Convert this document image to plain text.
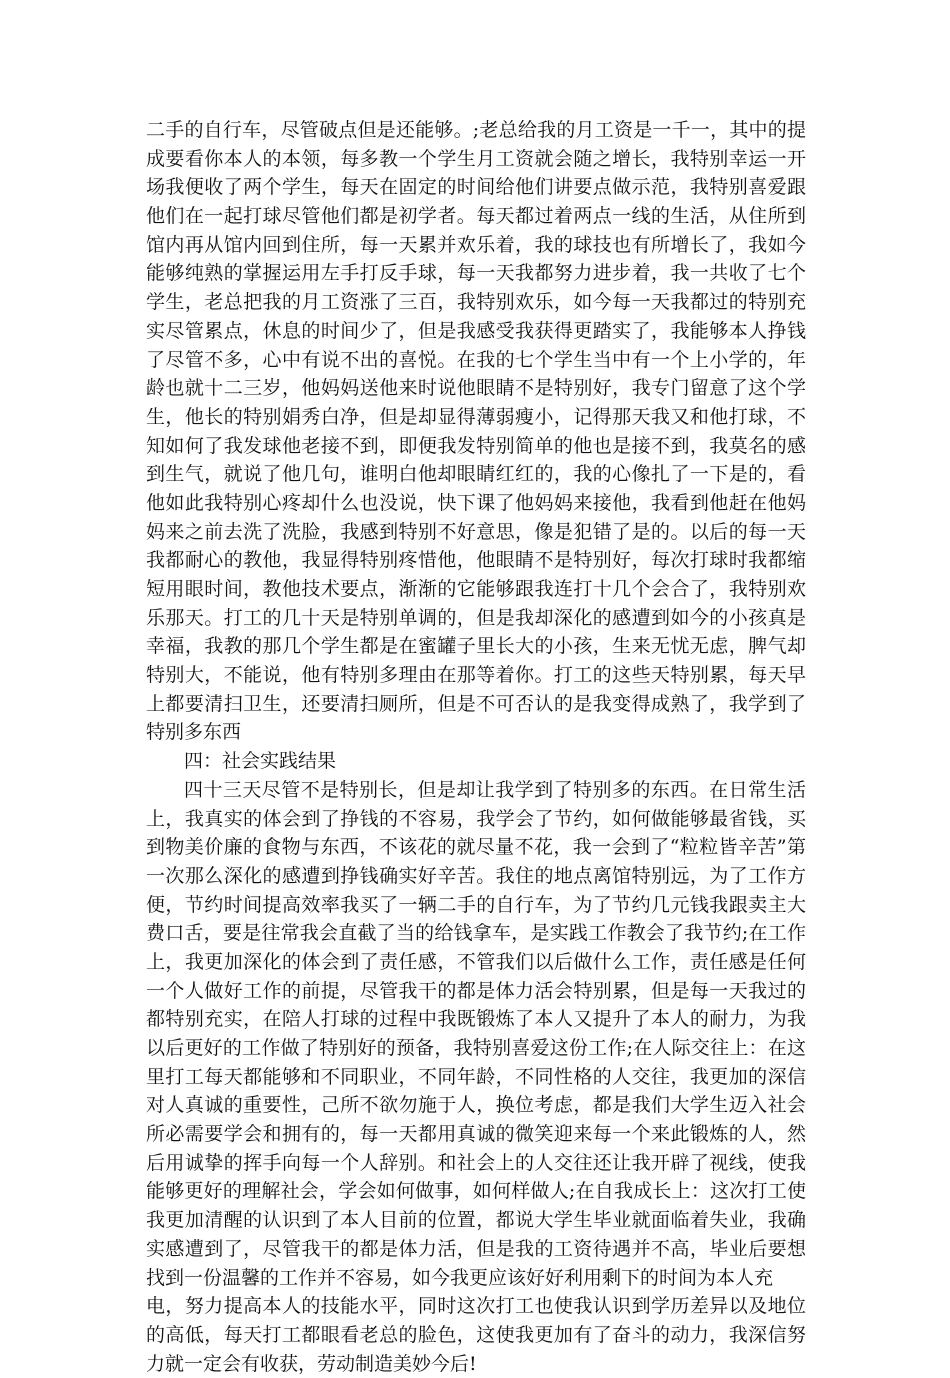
二手的自行车，尽管破点但是还能够。;老总给我的月工资是一千一，其中的提
成要看你本人的本领，每多教一个学生月工资就会随之增长，我特别幸运一开
场我便收了两个学生，每天在固定的时间给他们讲要点做示范，我特别喜爱跟
他们在一起打球尽管他们都是初学者。每天都过着两点一线的生活，从住所到
馆内再从馆内回到住所，每一天累并欢乐着，我的球技也有所增长了，我如今
能够纯熟的掌握运用左手打反手球，每一天我都努力进步着，我一共收了七个
学生，老总把我的月工资涨了三百，我特别欢乐，如今每一天我都过的特别充
实尽管累点，休息的时间少了，但是我感受我获得更踏实了，我能够本人挣钱
了尽管不多，心中有说不出的喜悦。在我的七个学生当中有一个上小学的，年
龄也就十二三岁，他妈妈送他来时说他眼睛不是特别好，我专门留意了这个学
生，他长的特别娟秀白净，但是却显得薄弱瘦小，记得那天我又和他打球，不
知如何了我发球他老接不到，即便我发特别简单的他也是接不到，我莫名的感
到生气，就说了他几句，谁明白他却眼睛红红的，我的心像扎了一下是的，看
他如此我特别心疼却什么也没说，快下课了他妈妈来接他，我看到他赶在他妈
妈来之前去洗了洗脸，我感到特别不好意思，像是犯错了是的。以后的每一天
我都耐心的教他，我显得特别疼惜他，他眼睛不是特别好，每次打球时我都缩
短用眼时间，教他技术要点，渐渐的它能够跟我连打十几个会合了，我特别欢
乐那天。打工的几十天是特别单调的，但是我却深化的感遭到如今的小孩真是
幸福，我教的那几个学生都是在蜜罐子里长大的小孩，生来无忧无虑，脾气却
特别大，不能说，他有特别多理由在那等着你。打工的这些天特别累，每天早
上都要清扫卫生，还要清扫厕所，但是不可否认的是我变得成熟了，我学到了
特别多东西
四：社会实践结果
四十三天尽管不是特别长，但是却让我学到了特别多的东西。在日常生活
上，我真实的体会到了挣钱的不容易，我学会了节约，如何做能够最省钱，买
到物美价廉的食物与东西，不该花的就尽量不花，我一会到了“粒粒皆辛苦”第
一次那么深化的感遭到挣钱确实好辛苦。我住的地点离馆特别远，为了工作方
便，节约时间提高效率我买了一辆二手的自行车，为了节约几元钱我跟卖主大
费口舌，要是往常我会直截了当的给钱拿车，是实践工作教会了我节约;在工作
上，我更加深化的体会到了责任感，不管我们以后做什么工作，责任感是任何
一个人做好工作的前提，尽管我干的都是体力活会特别累，但是每一天我过的
都特别充实，在陪人打球的过程中我既锻炼了本人又提升了本人的耐力，为我
以后更好的工作做了特别好的预备，我特别喜爱这份工作;在人际交往上：在这
里打工每天都能够和不同职业，不同年龄，不同性格的人交往，我更加的深信
对人真诚的重要性，己所不欲勿施于人，换位考虑，都是我们大学生迈入社会
所必需要学会和拥有的，每一天都用真诚的微笑迎来每一个来此锻炼的人，然
后用诚挚的挥手向每一个人辞别。和社会上的人交往还让我开辟了视线，使我
能够更好的理解社会，学会如何做事，如何样做人;在自我成长上：这次打工使
我更加清醒的认识到了本人目前的位置，都说大学生毕业就面临着失业，我确
实感遭到了，尽管我干的都是体力活，但是我的工资待遇并不高，毕业后要想
找到一份温馨的工作并不容易，如今我更应该好好利用剩下的时间为本人充
电，努力提高本人的技能水平，同时这次打工也使我认识到学历差异以及地位
的高低，每天打工都眼看老总的脸色，这使我更加有了奋斗的动力，我深信努
力就一定会有收获，劳动制造美妙今后!
